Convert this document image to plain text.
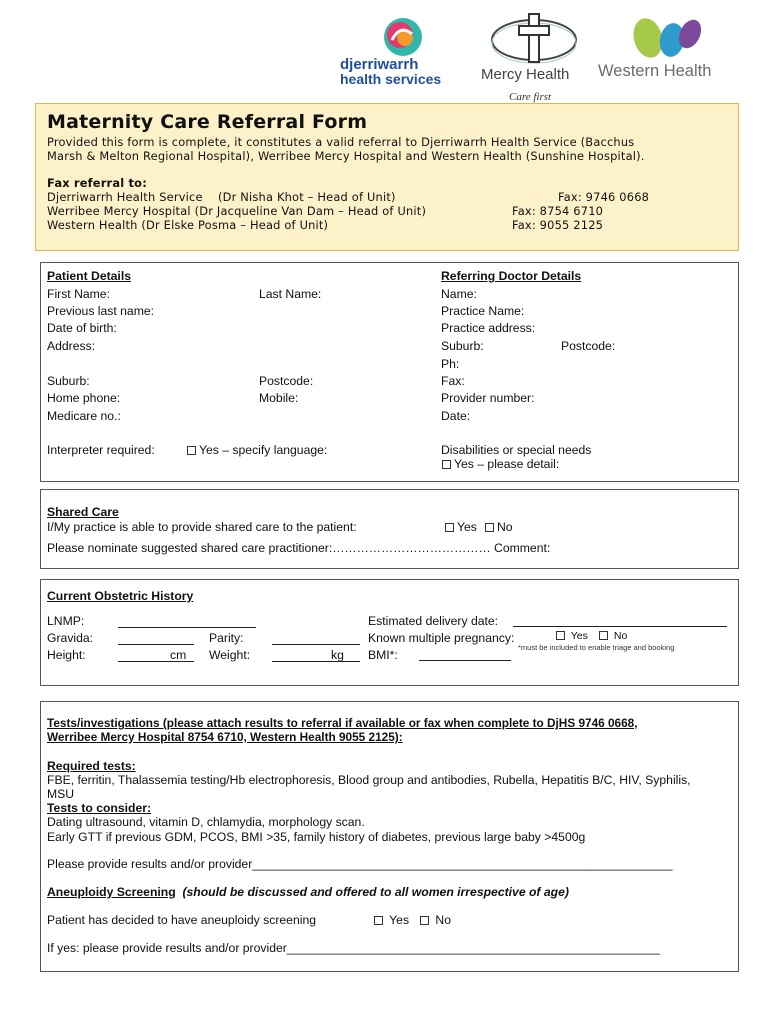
djerriwarrh
health services	Mercy Health
Care first
Western Health
Maternity Care Referral Form
Provided this form is complete, it constitutes a valid referral to Djerriwarrh Health Service (Bacchus
Marsh & Melton Regional Hospital), Werribee Mercy Hospital and Western Health (Sunshine Hospital).
Fax referral to:
Djerriwarrh Health Service    (Dr Nisha Khot – Head of Unit)	Fax: 9746 0668
Werribee Mercy Hospital (Dr Jacqueline Van Dam – Head of Unit)	Fax: 8754 6710
Western Health (Dr Elske Posma – Head of Unit)	Fax: 9055 2125
Patient Details
First Name:	Last Name:
Previous last name:
Date of birth:
Address:
Suburb:	Postcode:
Home phone:	Mobile:
Medicare no.:
Interpreter required:	Yes – specify language:
Referring Doctor Details
Name:
Practice Name:
Practice address:
Suburb:	Postcode:
Ph:
Fax:
Provider number:
Date:
Disabilities or special needs
Yes – please detail:
Shared Care
I/My practice is able to provide shared care to the patient:	Yes	No
Please nominate suggested shared care practitioner:………………………………… Comment:
Current Obstetric History
LNMP:	Estimated delivery date:
Gravida:	Parity:	Known multiple pregnancy:	Yes	No
Height:	cm Weight:	kg BMI*:
*must be included to enable triage and booking
Tests/investigations (please attach results to referral if available or fax when complete to DjHS 9746 0668,
Werribee Mercy Hospital 8754 6710, Western Health 9055 2125):
Required tests:
FBE, ferritin, Thalassemia testing/Hb electrophoresis, Blood group and antibodies, Rubella, Hepatitis B/C, HIV, Syphilis,
MSU
Tests to consider:
Dating ultrasound, vitamin D, chlamydia, morphology scan.
Early GTT if previous GDM, PCOS, BMI >35, family history of diabetes, previous large baby >4500g
Please provide results and/or provider______________________________________________________________
Aneuploidy Screening (should be discussed and offered to all women irrespective of age)
Patient has decided to have aneuploidy screening	Yes	No
If yes: please provide results and/or provider_______________________________________________________
